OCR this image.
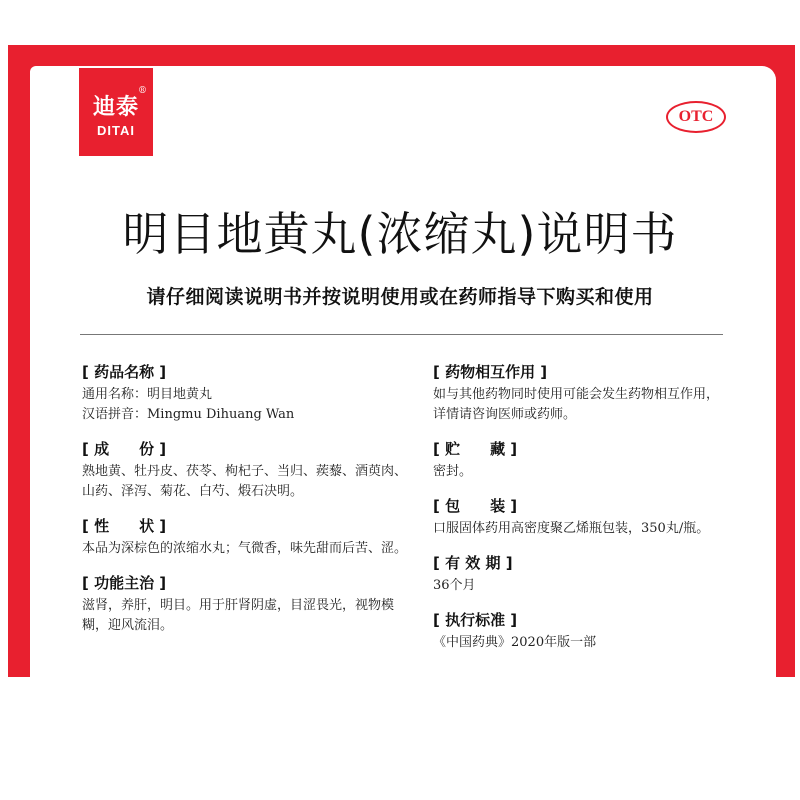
迪泰
®
DITAI
OTC
明目地黄丸(浓缩丸)说明书
请仔细阅读说明书并按说明使用或在药师指导下购买和使用
[ 药品名称 ]
通用名称：明目地黄丸
汉语拼音：Mingmu Dihuang Wan
[ 成　　份 ]
熟地黄、牡丹皮、茯苓、枸杞子、当归、蒺藜、酒萸肉、
山药、泽泻、菊花、白芍、煅石决明。
[ 性　　状 ]
本品为深棕色的浓缩水丸；气微香，味先甜而后苦、涩。
[ 功能主治 ]
滋肾，养肝，明目。用于肝肾阴虚，目涩畏光，视物模
糊，迎风流泪。
[ 药物相互作用 ]
如与其他药物同时使用可能会发生药物相互作用，
详情请咨询医师或药师。
[ 贮　　藏 ]
密封。
[ 包　　装 ]
口服固体药用高密度聚乙烯瓶包装，350丸/瓶。
[ 有 效 期 ]
36个月
[ 执行标准 ]
《中国药典》2020年版一部
